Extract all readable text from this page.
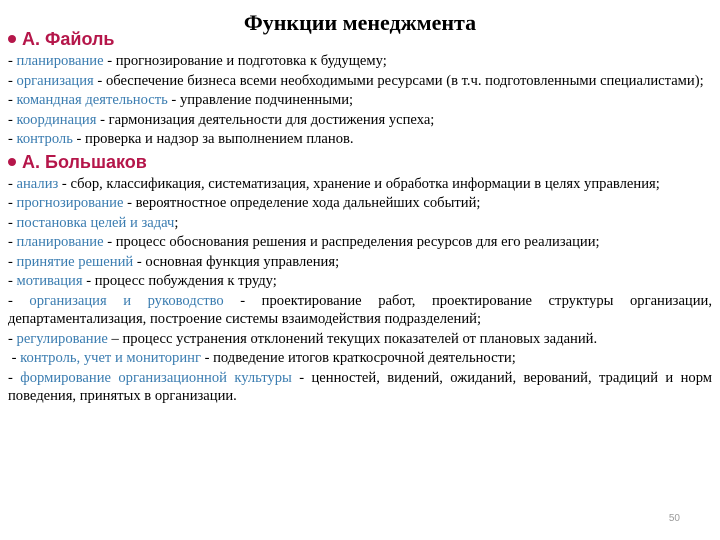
Функции менеджмента
А. Файоль
- планирование - прогнозирование и подготовка к будущему;
- организация - обеспечение бизнеса всеми необходимыми ресурсами (в т.ч. подготовленными специалистами);
- командная деятельность - управление подчиненными;
- координация - гармонизация деятельности для достижения успеха;
- контроль - проверка и надзор за выполнением планов.
А. Большаков
- анализ - сбор, классификация, систематизация, хранение и обработка информации в целях управления;
- прогнозирование - вероятностное определение хода дальнейших событий;
- постановка целей и задач;
- планирование - процесс обоснования решения и распределения ресурсов для его реализации;
- принятие решений - основная функция управления;
- мотивация - процесс побуждения к труду;
- организация и руководство - проектирование работ, проектирование структуры организации, департаментализация, построение системы взаимодействия подразделений;
- регулирование – процесс устранения отклонений текущих показателей от плановых заданий.
- контроль, учет и мониторинг - подведение итогов краткосрочной деятельности;
- формирование организационной культуры - ценностей, видений, ожиданий, верований, традиций и норм поведения, принятых в организации.
50
